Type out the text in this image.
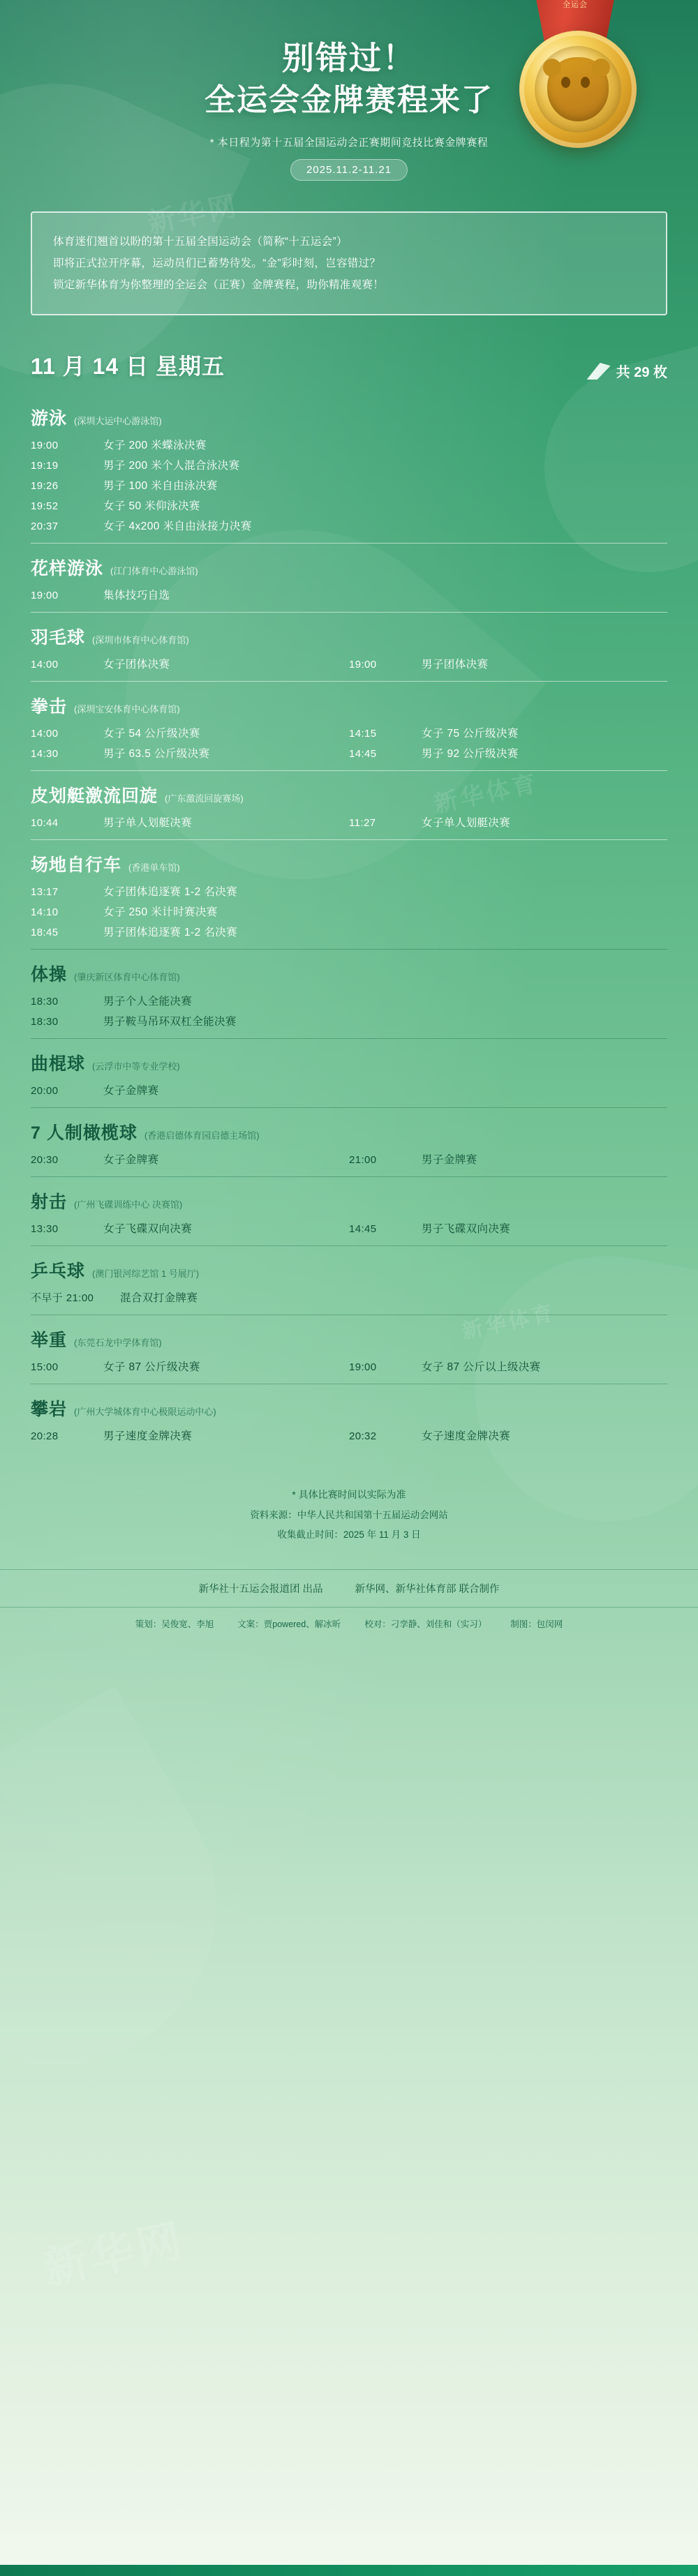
新华网
新华体育
新华体育
新华网
全运会
别错过！
全运会金牌赛程来了
* 本日程为第十五届全国运动会正赛期间竞技比赛金牌赛程
2025.11.2-11.21

体育迷们翘首以盼的第十五届全国运动会（简称“十五运会”）

即将正式拉开序幕，运动员们已蓄势待发。“金”彩时刻，岂容错过？

锁定新华体育为你整理的全运会（正赛）金牌赛程，助你精准观赛！

11 月 14 日 星期五	共 29 枚
游泳 (深圳大运中心游泳馆)
19:00	女子 200 米蝶泳决赛
19:19	男子 200 米个人混合泳决赛
19:26	男子 100 米自由泳决赛
19:52	女子 50 米仰泳决赛
20:37	女子 4x200 米自由泳接力决赛
花样游泳 (江门体育中心游泳馆)
19:00	集体技巧自选
羽毛球 (深圳市体育中心体育馆)
14:00	女子团体决赛	19:00	男子团体决赛
拳击 (深圳宝安体育中心体育馆)
14:00	女子 54 公斤级决赛	14:15	女子 75 公斤级决赛
14:30	男子 63.5 公斤级决赛	14:45	男子 92 公斤级决赛
皮划艇激流回旋 (广东激流回旋赛场)
10:44	男子单人划艇决赛	11:27	女子单人划艇决赛
场地自行车 (香港单车馆)
13:17	女子团体追逐赛 1-2 名决赛
14:10	女子 250 米计时赛决赛
18:45	男子团体追逐赛 1-2 名决赛
体操 (肇庆新区体育中心体育馆)
18:30	男子个人全能决赛
18:30	男子鞍马吊环双杠全能决赛
曲棍球 (云浮市中等专业学校)
20:00	女子金牌赛
7 人制橄榄球 (香港启德体育园启德主场馆)
20:30	女子金牌赛	21:00	男子金牌赛
射击 (广州飞碟训练中心 决赛馆)
13:30	女子飞碟双向决赛	14:45	男子飞碟双向决赛
乒乓球 (澳门银河综艺馆 1 号展厅)
不早于 21:00	混合双打金牌赛
举重 (东莞石龙中学体育馆)
15:00	女子 87 公斤级决赛	19:00	女子 87 公斤以上级决赛
攀岩 (广州大学城体育中心极限运动中心)
20:28	男子速度金牌决赛	20:32	女子速度金牌决赛
* 具体比赛时间以实际为准
资料来源：中华人民共和国第十五届运动会网站
收集截止时间：2025 年 11 月 3 日
新华社十五运会报道团 出品	新华网、新华社体育部 联合制作
策划：吴俊宽、李旭	文案：贾powered、解冰昕	校对：刁孪静、刘佳和（实习）	制图：包闵网
